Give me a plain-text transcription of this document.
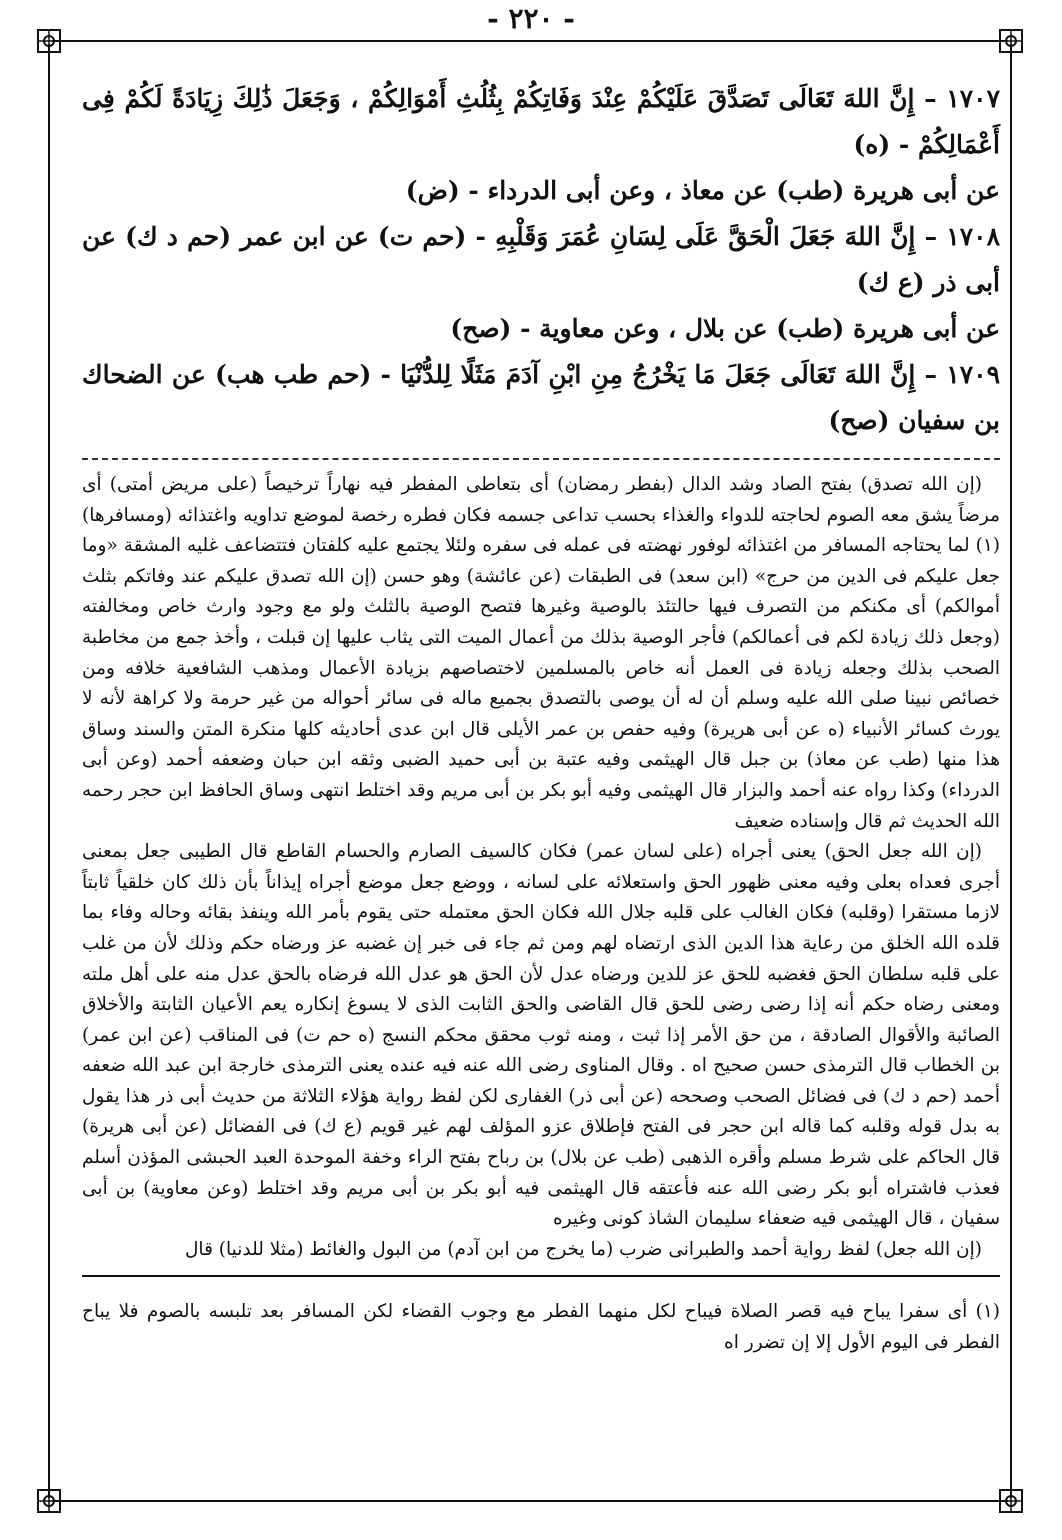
- ٢٢٠ -

١٧٠٧ – إِنَّ اللهَ تَعَالَى تَصَدَّقَ عَلَيْكُمْ عِنْدَ وَفَاتِكُمْ بِثُلُثِ أَمْوَالِكُمْ ، وَجَعَلَ ذَٰلِكَ زِيَادَةً لَكُمْ فِى أَعْمَالِكُمْ - (ه)

عن أبى هريرة (طب) عن معاذ ، وعن أبى الدرداء - (ض)

١٧٠٨ – إِنَّ اللهَ جَعَلَ الْحَقَّ عَلَى لِسَانِ عُمَرَ وَقَلْبِهِ - (حم ت) عن ابن عمر (حم د ك) عن أبى ذر (ع ك)

عن أبى هريرة (طب) عن بلال ، وعن معاوية - (صح)

١٧٠٩ – إِنَّ اللهَ تَعَالَى جَعَلَ مَا يَخْرُجُ مِنِ ابْنِ آدَمَ مَثَلًا لِلدُّنْيَا - (حم طب هب) عن الضحاك بن سفيان (صح)

(إن الله تصدق) بفتح الصاد وشد الدال (بفطر رمضان) أى بتعاطى المفطر فيه نهاراً ترخيصاً (على مريض أمتى) أى مرضاً يشق معه الصوم لحاجته للدواء والغذاء بحسب تداعى جسمه فكان فطره رخصة لموضع تداويه واغتذائه (ومسافرها) (١) لما يحتاجه المسافر من اغتذائه لوفور نهضته فى عمله فى سفره ولئلا يجتمع عليه كلفتان فتتضاعف غليه المشقة «وما جعل عليكم فى الدين من حرج» (ابن سعد) فى الطبقات (عن عائشة) وهو حسن (إن الله تصدق عليكم عند وفاتكم بثلث أموالكم) أى مكنكم من التصرف فيها حالتئذ بالوصية وغيرها فتصح الوصية بالثلث ولو مع وجود وارث خاص ومخالفته (وجعل ذلك زيادة لكم فى أعمالكم) فأجر الوصية بذلك من أعمال الميت التى يثاب عليها إن قبلت ، وأخذ جمع من مخاطبة الصحب بذلك وجعله زيادة فى العمل أنه خاص بالمسلمين لاختصاصهم بزيادة الأعمال ومذهب الشافعية خلافه ومن خصائص نبينا صلى الله عليه وسلم أن له أن يوصى بالتصدق بجميع ماله فى سائر أحواله من غير حرمة ولا كراهة لأنه لا يورث كسائر الأنبياء (ه عن أبى هريرة) وفيه حفص بن عمر الأيلى قال ابن عدى أحاديثه كلها منكرة المتن والسند وساق هذا منها (طب عن معاذ) بن جبل قال الهيثمى وفيه عتبة بن أبى حميد الضبى وثقه ابن حبان وضعفه أحمد (وعن أبى الدرداء) وكذا رواه عنه أحمد والبزار قال الهيثمى وفيه أبو بكر بن أبى مريم وقد اختلط انتهى وساق الحافظ ابن حجر رحمه الله الحديث ثم قال وإسناده ضعيف

(إن الله جعل الحق) يعنى أجراه (على لسان عمر) فكان كالسيف الصارم والحسام القاطع قال الطيبى جعل بمعنى أجرى فعداه بعلى وفيه معنى ظهور الحق واستعلائه على لسانه ، ووضع جعل موضع أجراه إيذاناً بأن ذلك كان خلقياً ثابتاً لازما مستقرا (وقلبه) فكان الغالب على قلبه جلال الله فكان الحق معتمله حتى يقوم بأمر الله وينفذ بقائه وحاله وفاء بما قلده الله الخلق من رعاية هذا الدين الذى ارتضاه لهم ومن ثم جاء فى خبر إن غضبه عز ورضاه حكم وذلك لأن من غلب على قلبه سلطان الحق فغضبه للحق عز للدين ورضاه عدل لأن الحق هو عدل الله فرضاه بالحق عدل منه على أهل ملته ومعنى رضاه حكم أنه إذا رضى رضى للحق قال القاضى والحق الثابت الذى لا يسوغ إنكاره يعم الأعيان الثابتة والأخلاق الصائبة والأقوال الصادقة ، من حق الأمر إذا ثبت ، ومنه ثوب محقق محكم النسج (ه حم ت) فى المناقب (عن ابن عمر) بن الخطاب قال الترمذى حسن صحيح اه . وقال المناوى رضى الله عنه فيه عنده يعنى الترمذى خارجة ابن عبد الله ضعفه أحمد (حم د ك) فى فضائل الصحب وصححه (عن أبى ذر) الغفارى لكن لفظ رواية هؤلاء الثلاثة من حديث أبى ذر هذا يقول به بدل قوله وقلبه كما قاله ابن حجر فى الفتح فإطلاق عزو المؤلف لهم غير قويم (ع ك) فى الفضائل (عن أبى هريرة) قال الحاكم على شرط مسلم وأقره الذهبى (طب عن بلال) بن رباح بفتح الراء وخفة الموحدة العبد الحبشى المؤذن أسلم فعذب فاشتراه أبو بكر رضى الله عنه فأعتقه قال الهيثمى فيه أبو بكر بن أبى مريم وقد اختلط (وعن معاوية) بن أبى سفيان ، قال الهيثمى فيه ضعفاء سليمان الشاذ كونى وغيره

(إن الله جعل) لفظ رواية أحمد والطبرانى ضرب (ما يخرج من ابن آدم) من البول والغائط (مثلا للدنيا) قال

(١) أى سفرا يباح فيه قصر الصلاة فيباح لكل منهما الفطر مع وجوب القضاء لكن المسافر بعد تلبسه بالصوم فلا يباح الفطر فى اليوم الأول إلا إن تضرر اه
